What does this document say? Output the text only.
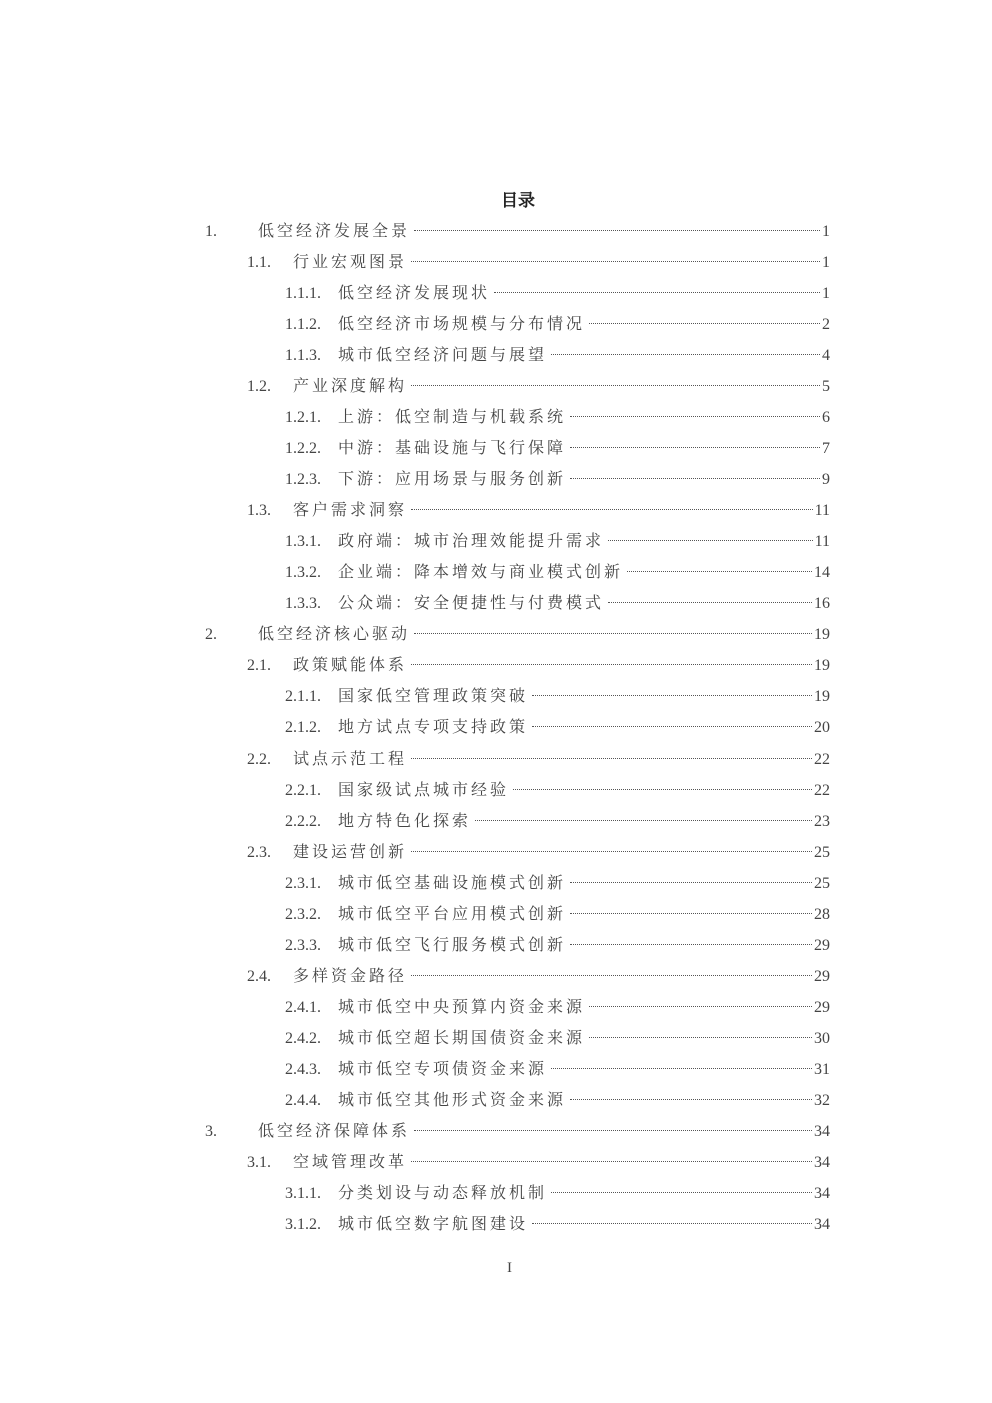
目录
1.	低空经济发展全景	1
1.1.	行业宏观图景	1
1.1.1.	低空经济发展现状	1
1.1.2.	低空经济市场规模与分布情况	2
1.1.3.	城市低空经济问题与展望	4
1.2.	产业深度解构	5
1.2.1.	上游：低空制造与机载系统	6
1.2.2.	中游：基础设施与飞行保障	7
1.2.3.	下游：应用场景与服务创新	9
1.3.	客户需求洞察	11
1.3.1.	政府端：城市治理效能提升需求	11
1.3.2.	企业端：降本增效与商业模式创新	14
1.3.3.	公众端：安全便捷性与付费模式	16
2.	低空经济核心驱动	19
2.1.	政策赋能体系	19
2.1.1.	国家低空管理政策突破	19
2.1.2.	地方试点专项支持政策	20
2.2.	试点示范工程	22
2.2.1.	国家级试点城市经验	22
2.2.2.	地方特色化探索	23
2.3.	建设运营创新	25
2.3.1.	城市低空基础设施模式创新	25
2.3.2.	城市低空平台应用模式创新	28
2.3.3.	城市低空飞行服务模式创新	29
2.4.	多样资金路径	29
2.4.1.	城市低空中央预算内资金来源	29
2.4.2.	城市低空超长期国债资金来源	30
2.4.3.	城市低空专项债资金来源	31
2.4.4.	城市低空其他形式资金来源	32
3.	低空经济保障体系	34
3.1.	空域管理改革	34
3.1.1.	分类划设与动态释放机制	34
3.1.2.	城市低空数字航图建设	34
I
